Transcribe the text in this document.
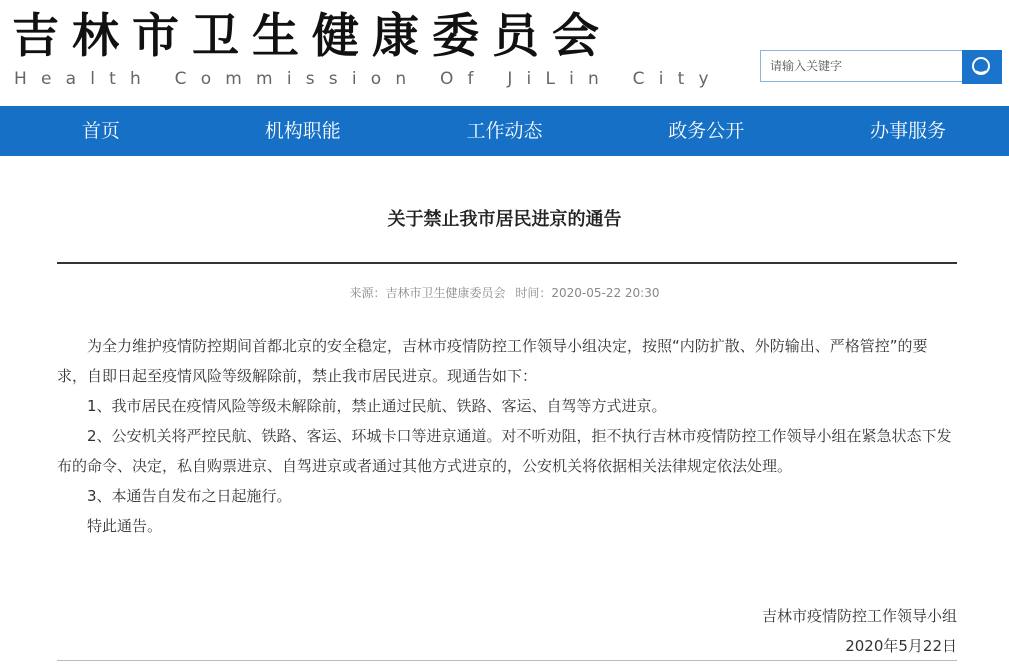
吉林市卫生健康委员会
Health Commission Of JiLin City
请输入关键字
首页	机构职能	工作动态	政务公开	办事服务
关于禁止我市居民进京的通告
来源：吉林市卫生健康委员会 时间：2020-05-22 20:30

为全力维护疫情防控期间首都北京的安全稳定，吉林市疫情防控工作领导小组决定，按照“内防扩散、外防输出、严格管控”的要求，自即日起至疫情风险等级解除前，禁止我市居民进京。现通告如下：

1、我市居民在疫情风险等级未解除前，禁止通过民航、铁路、客运、自驾等方式进京。

2、公安机关将严控民航、铁路、客运、环城卡口等进京通道。对不听劝阻，拒不执行吉林市疫情防控工作领导小组在紧急状态下发布的命令、决定，私自购票进京、自驾进京或者通过其他方式进京的，公安机关将依据相关法律规定依法处理。

3、本通告自发布之日起施行。

特此通告。

吉林市疫情防控工作领导小组
2020年5月22日
